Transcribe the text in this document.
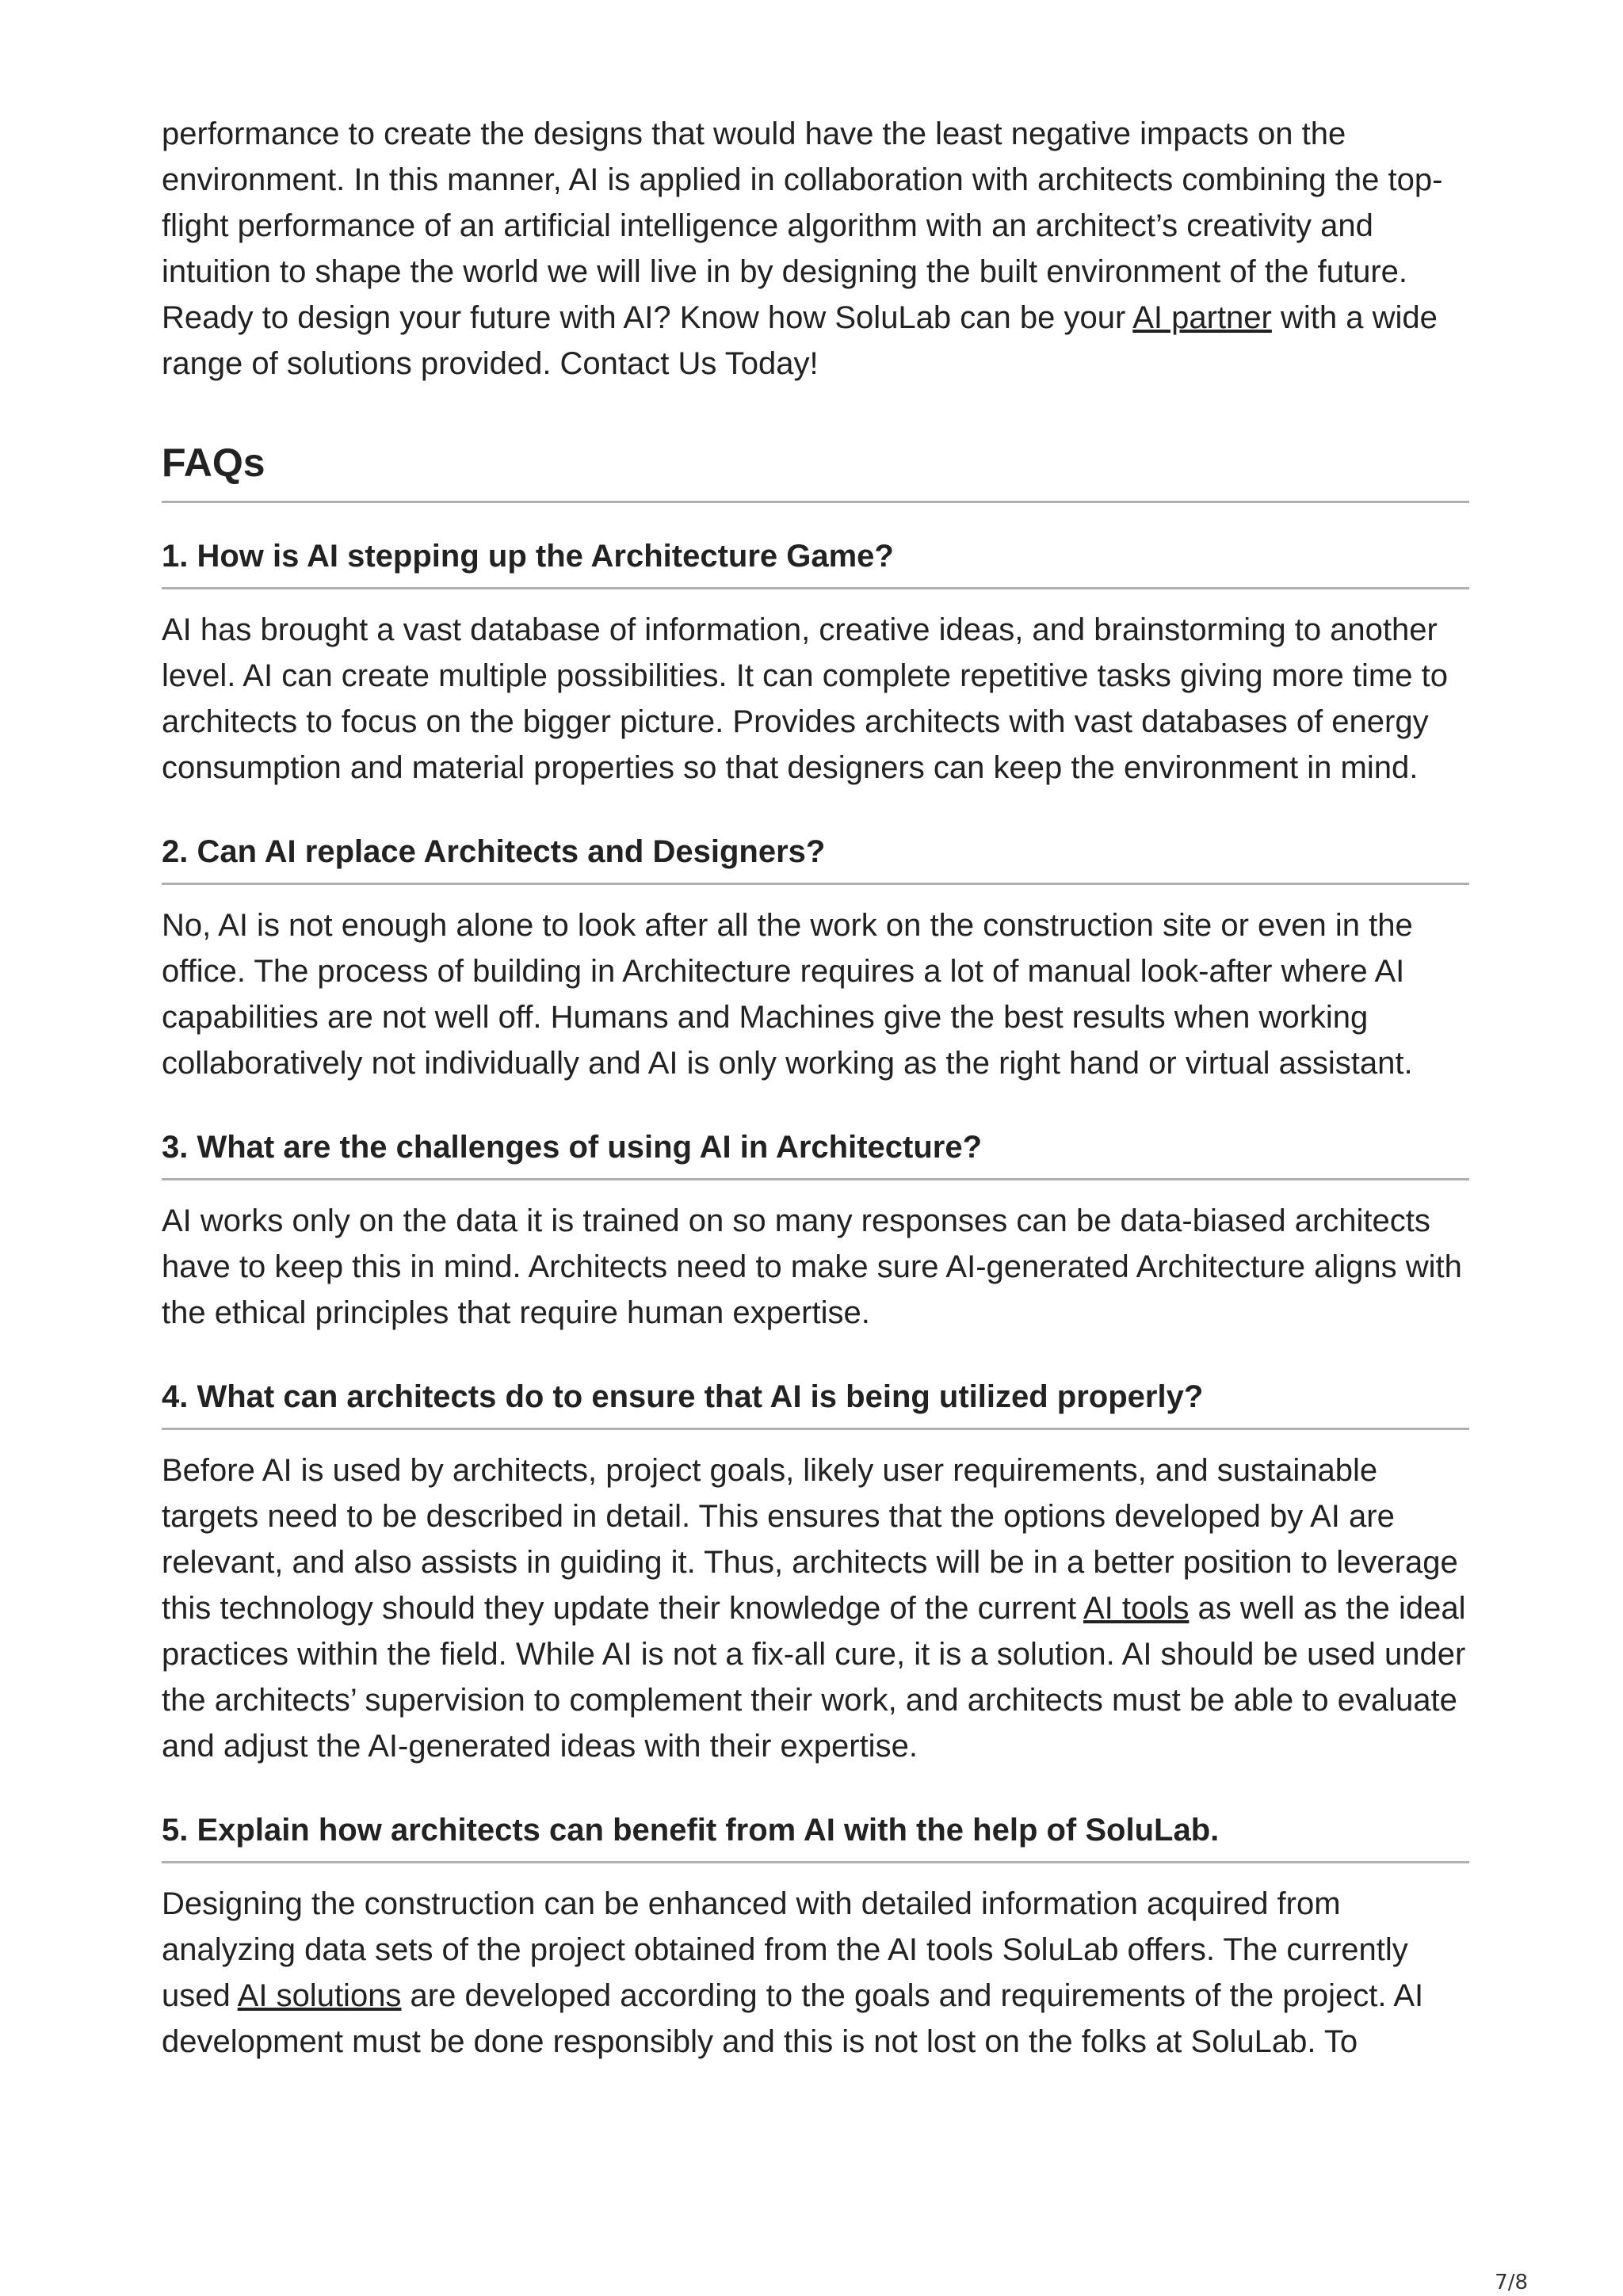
performance to create the designs that would have the least negative impacts on the environment. In this manner, AI is applied in collaboration with architects combining the top-flight performance of an artificial intelligence algorithm with an architect’s creativity and intuition to shape the world we will live in by designing the built environment of the future. Ready to design your future with AI? Know how SoluLab can be your AI partner with a wide range of solutions provided. Contact Us Today!

FAQs
1. How is AI stepping up the Architecture Game?

AI has brought a vast database of information, creative ideas, and brainstorming to another level. AI can create multiple possibilities. It can complete repetitive tasks giving more time to architects to focus on the bigger picture. Provides architects with vast databases of energy consumption and material properties so that designers can keep the environment in mind.

2. Can AI replace Architects and Designers?

No, AI is not enough alone to look after all the work on the construction site or even in the office. The process of building in Architecture requires a lot of manual look-after where AI capabilities are not well off. Humans and Machines give the best results when working collaboratively not individually and AI is only working as the right hand or virtual assistant.

3. What are the challenges of using AI in Architecture?

AI works only on the data it is trained on so many responses can be data-biased architects have to keep this in mind. Architects need to make sure AI-generated Architecture aligns with the ethical principles that require human expertise.

4. What can architects do to ensure that AI is being utilized properly?

Before AI is used by architects, project goals, likely user requirements, and sustainable targets need to be described in detail. This ensures that the options developed by AI are relevant, and also assists in guiding it. Thus, architects will be in a better position to leverage this technology should they update their knowledge of the current AI tools as well as the ideal practices within the field. While AI is not a fix-all cure, it is a solution. AI should be used under the architects’ supervision to complement their work, and architects must be able to evaluate and adjust the AI-generated ideas with their expertise.

5. Explain how architects can benefit from AI with the help of SoluLab.

Designing the construction can be enhanced with detailed information acquired from analyzing data sets of the project obtained from the AI tools SoluLab offers. The currently used AI solutions are developed according to the goals and requirements of the project. AI development must be done responsibly and this is not lost on the folks at SoluLab. To

7/8
